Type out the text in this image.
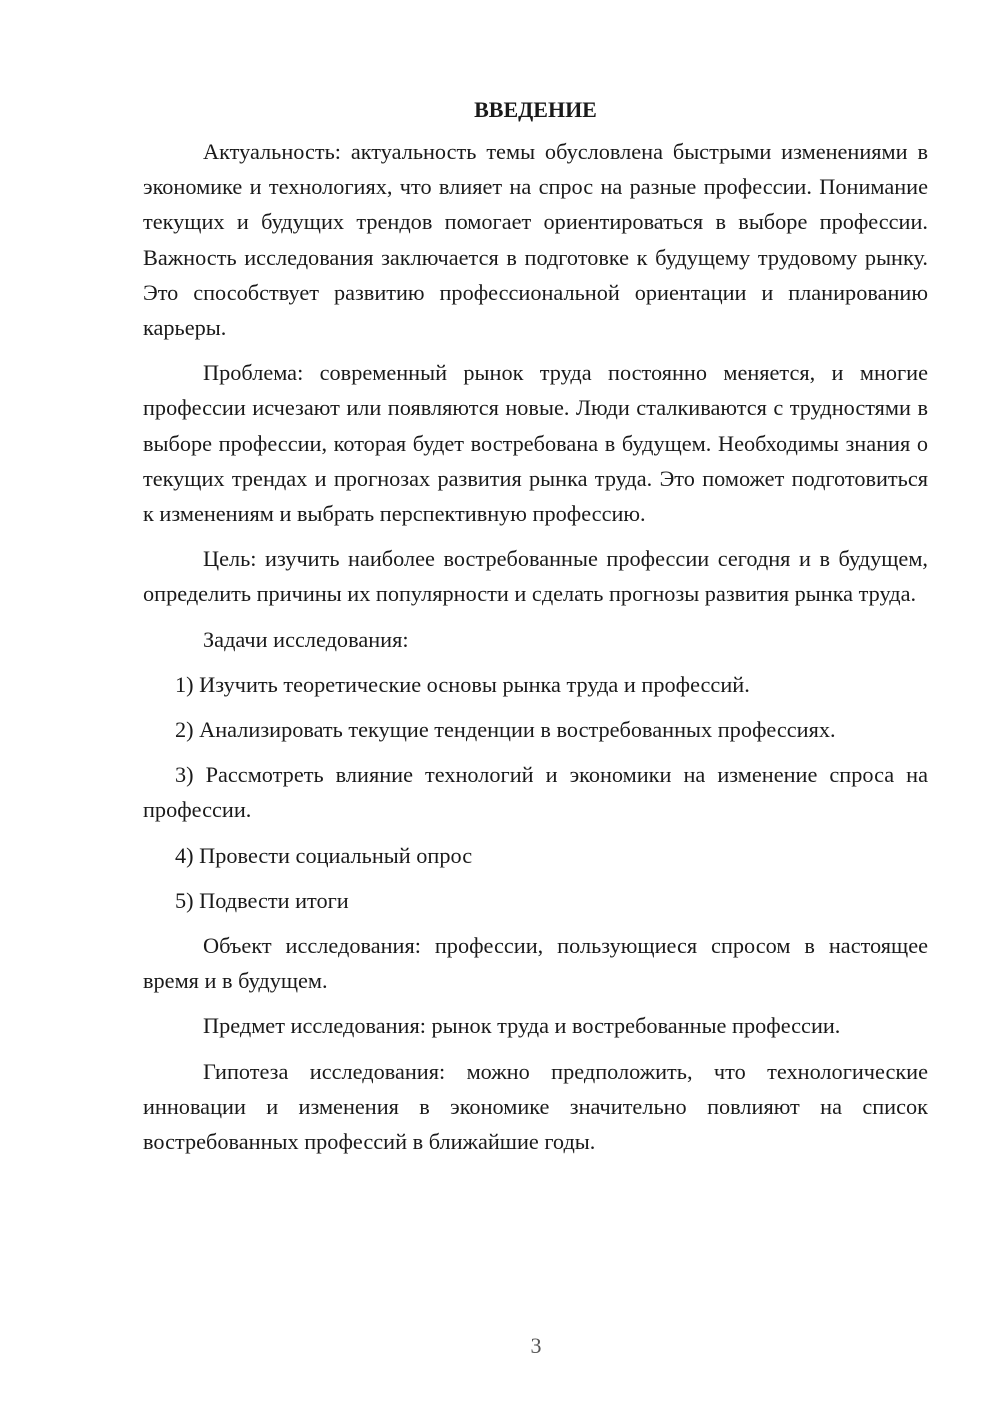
ВВЕДЕНИЕ

Актуальность: актуальность темы обусловлена быстрыми изменениями в экономике и технологиях, что влияет на спрос на разные профессии. Понимание текущих и будущих трендов помогает ориентироваться в выборе профессии. Важность исследования заключается в подготовке к будущему трудовому рынку. Это способствует развитию профессиональной ориентации и планированию карьеры.

Проблема: современный рынок труда постоянно меняется, и многие профессии исчезают или появляются новые. Люди сталкиваются с трудностями в выборе профессии, которая будет востребована в будущем. Необходимы знания о текущих трендах и прогнозах развития рынка труда. Это поможет подготовиться к изменениям и выбрать перспективную профессию.

Цель: изучить наиболее востребованные профессии сегодня и в будущем, определить причины их популярности и сделать прогнозы развития рынка труда.

Задачи исследования:

1) Изучить теоретические основы рынка труда и профессий.

2) Анализировать текущие тенденции в востребованных профессиях.

3) Рассмотреть влияние технологий и экономики на изменение спроса на профессии.

4) Провести социальный опрос

5) Подвести итоги

Объект исследования: профессии, пользующиеся спросом в настоящее время и в будущем.

Предмет исследования: рынок труда и востребованные профессии.

Гипотеза исследования: можно предположить, что технологические инновации и изменения в экономике значительно повлияют на список востребованных профессий в ближайшие годы.

3
